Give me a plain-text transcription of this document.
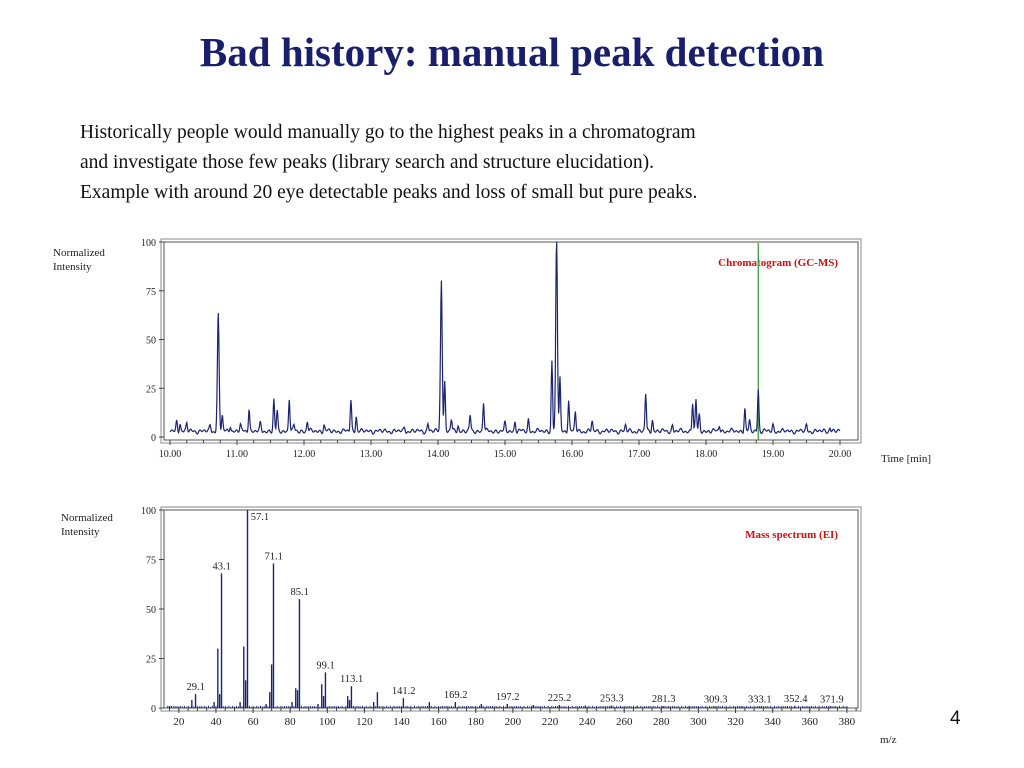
Bad history: manual peak detection
Historically people would manually go to the highest peaks in a chromatogram
and investigate those few peaks (library search and structure elucidation).
Example with around 20 eye detectable peaks and loss of small but pure peaks.
0
25
50
75
100
10.00	11.00	12.00	13.00	14.00	15.00	16.00	17.00	18.00	19.00	20.00
Normalized
Intensity
Time [min]
Chromatogram (GC-MS)
0
25
50
75
100
20 40 60 80 100 120 140 160 180 200 220 240 260 280 300 320 340 360 380
Normalized
Intensity
m/z
Mass spectrum (EI)
29.1
43.1
57.1
71.1
85.1
99.1
113.1
141.2	169.2	197.2	225.2	253.3	281.3	309.3 333.1 352.4 371.9
4
